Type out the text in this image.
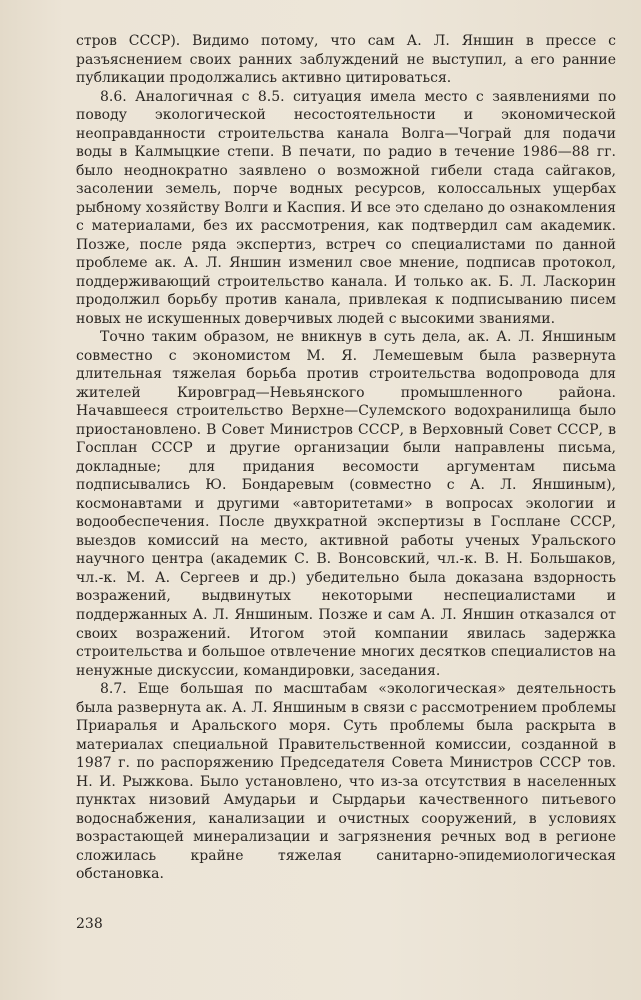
стров СССР). Видимо потому, что сам А. Л. Яншин в прессе с разъяснением своих ранних заблуждений не выступил, а его ранние публикации продолжались активно цитироваться.

8.6. Аналогичная с 8.5. ситуация имела место с заявлениями по поводу экологической несостоятельности и экономической неоправданности строительства канала Волга—Чограй для подачи воды в Калмыцкие степи. В печати, по радио в течение 1986—88 гг. было неоднократно заявлено о возможной гибели стада сайгаков, засолении земель, порче водных ресурсов, колоссальных ущербах рыбному хозяйству Волги и Каспия. И все это сделано до ознакомления с материалами, без их рассмотрения, как подтвердил сам академик. Позже, после ряда экспертиз, встреч со специалистами по данной проблеме ак. А. Л. Яншин изменил свое мнение, подписав протокол, поддерживающий строительство канала. И только ак. Б. Л. Ласкорин продолжил борьбу против канала, привлекая к подписыванию писем новых не искушенных доверчивых людей с высокими званиями.

Точно таким образом, не вникнув в суть дела, ак. А. Л. Яншиным совместно с экономистом М. Я. Лемешевым была развернута длительная тяжелая борьба против строительства водопровода для жителей Кировград—Невьянского промышленного района. Начавшееся строительство Верхне—Сулемского водохранилища было приостановлено. В Совет Министров СССР, в Верховный Совет СССР, в Госплан СССР и другие организации были направлены письма, докладные; для придания весомости аргументам письма подписывались Ю. Бондаревым (совместно с А. Л. Яншиным), космонавтами и другими «авторитетами» в вопросах экологии и водообеспечения. После двухкратной экспертизы в Госплане СССР, выездов комиссий на место, активной работы ученых Уральского научного центра (академик С. В. Вонсовский, чл.-к. В. Н. Большаков, чл.-к. М. А. Сергеев и др.) убедительно была доказана вздорность возражений, выдвинутых некоторыми неспециалистами и поддержанных А. Л. Яншиным. Позже и сам А. Л. Яншин отказался от своих возражений. Итогом этой компании явилась задержка строительства и большое отвлечение многих десятков специалистов на ненужные дискуссии, командировки, заседания.

8.7. Еще большая по масштабам «экологическая» деятельность была развернута ак. А. Л. Яншиным в связи с рассмотрением проблемы Приаралья и Аральского моря. Суть проблемы была раскрыта в материалах специальной Правительственной комиссии, созданной в 1987 г. по распоряжению Председателя Совета Министров СССР тов. Н. И. Рыжкова. Было установлено, что из-за отсутствия в населенных пунктах низовий Амударьи и Сырдарьи качественного питьевого водоснабжения, канализации и очистных сооружений, в условиях возрастающей минерализации и загрязнения речных вод в регионе сложилась крайне тяжелая санитарно-эпидемиологическая обстановка.

238
